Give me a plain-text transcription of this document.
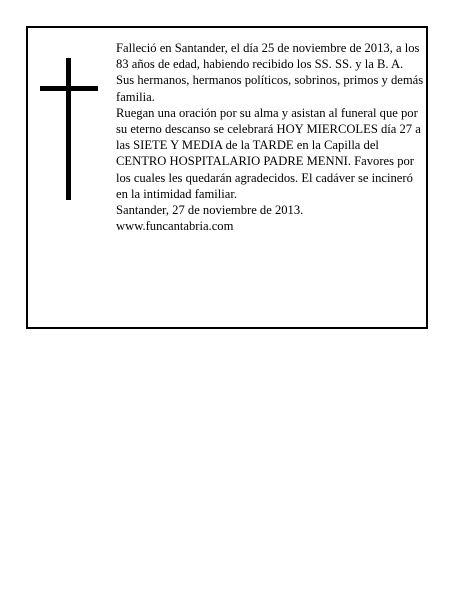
Falleció en Santander, el día 25 de noviembre de 2013, a los 83 años de edad, habiendo recibido los SS. SS. y la B. A.

Sus hermanos, hermanos políticos, sobrinos, primos y demás familia.

Ruegan una oración por su alma y asistan al funeral que por su eterno descanso se celebrará HOY MIERCOLES día 27 a las SIETE Y MEDIA de la TARDE en la Capilla del CENTRO HOSPITALARIO PADRE MENNI. Favores por los cuales les quedarán agradecidos. El cadáver se incineró en la intimidad familiar.

Santander, 27 de noviembre de 2013.

www.funcantabria.com
